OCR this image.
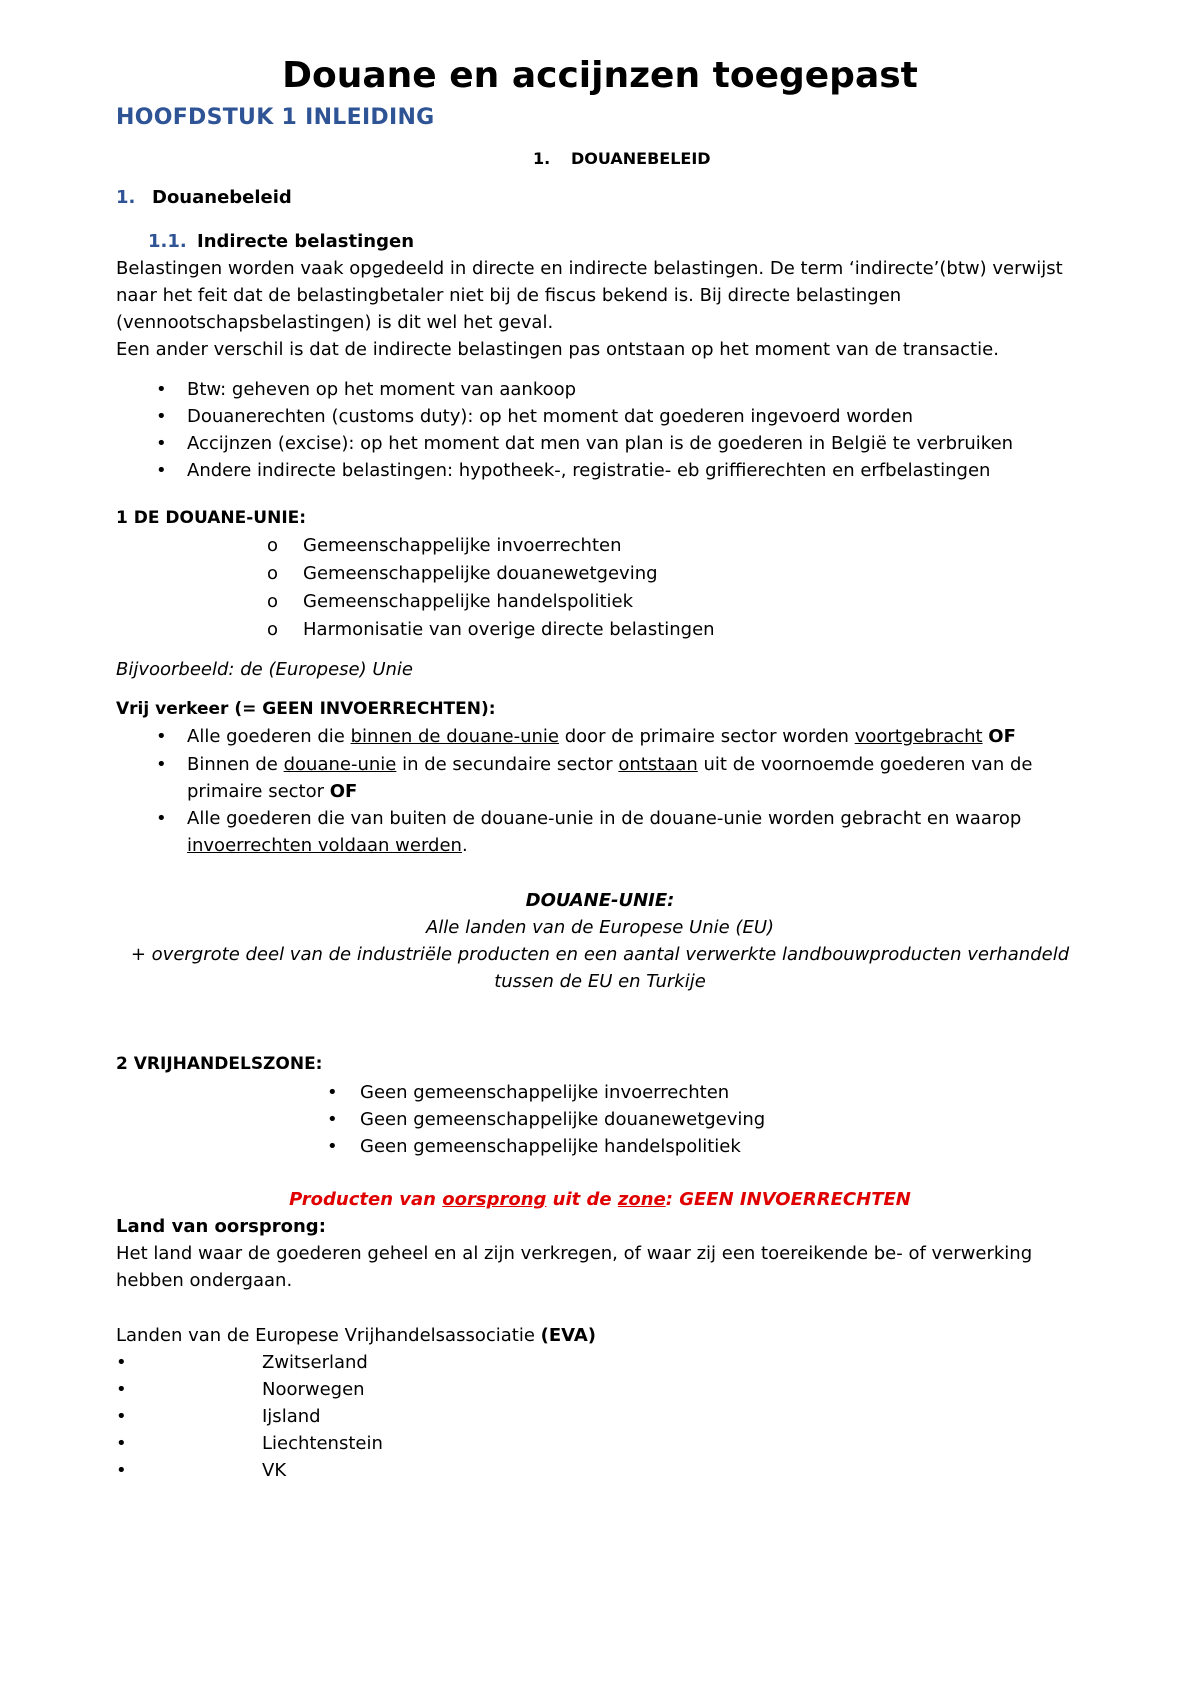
Douane en accijnzen toegepast
HOOFDSTUK 1 INLEIDING
1. DOUANEBELEID
1. Douanebeleid
1.1. Indirecte belastingen
Belastingen worden vaak opgedeeld in directe en indirecte belastingen. De term ‘indirecte’(btw) verwijst
naar het feit dat de belastingbetaler niet bij de fiscus bekend is. Bij directe belastingen
(vennootschapsbelastingen) is dit wel het geval.
Een ander verschil is dat de indirecte belastingen pas ontstaan op het moment van de transactie.
• Btw: geheven op het moment van aankoop
• Douanerechten (customs duty): op het moment dat goederen ingevoerd worden
• Accijnzen (excise): op het moment dat men van plan is de goederen in België te verbruiken
• Andere indirecte belastingen: hypotheek-, registratie- eb griffierechten en erfbelastingen
1 DE DOUANE-UNIE:
o Gemeenschappelijke invoerrechten
o Gemeenschappelijke douanewetgeving
o Gemeenschappelijke handelspolitiek
o Harmonisatie van overige directe belastingen
Bijvoorbeeld: de (Europese) Unie
Vrij verkeer (= GEEN INVOERRECHTEN):
• Alle goederen die binnen de douane-unie door de primaire sector worden voortgebracht OF
• Binnen de douane-unie in de secundaire sector ontstaan uit de voornoemde goederen van de
primaire sector OF
• Alle goederen die van buiten de douane-unie in de douane-unie worden gebracht en waarop
invoerrechten voldaan werden.
DOUANE-UNIE:
Alle landen van de Europese Unie (EU)
+ overgrote deel van de industriële producten en een aantal verwerkte landbouwproducten verhandeld
tussen de EU en Turkije
2 VRIJHANDELSZONE:
• Geen gemeenschappelijke invoerrechten
• Geen gemeenschappelijke douanewetgeving
• Geen gemeenschappelijke handelspolitiek
Producten van oorsprong uit de zone: GEEN INVOERRECHTEN
Land van oorsprong:
Het land waar de goederen geheel en al zijn verkregen, of waar zij een toereikende be- of verwerking
hebben ondergaan.
Landen van de Europese Vrijhandelsassociatie (EVA)
•	Zwitserland
•	Noorwegen
•	Ijsland
•	Liechtenstein
•	VK
